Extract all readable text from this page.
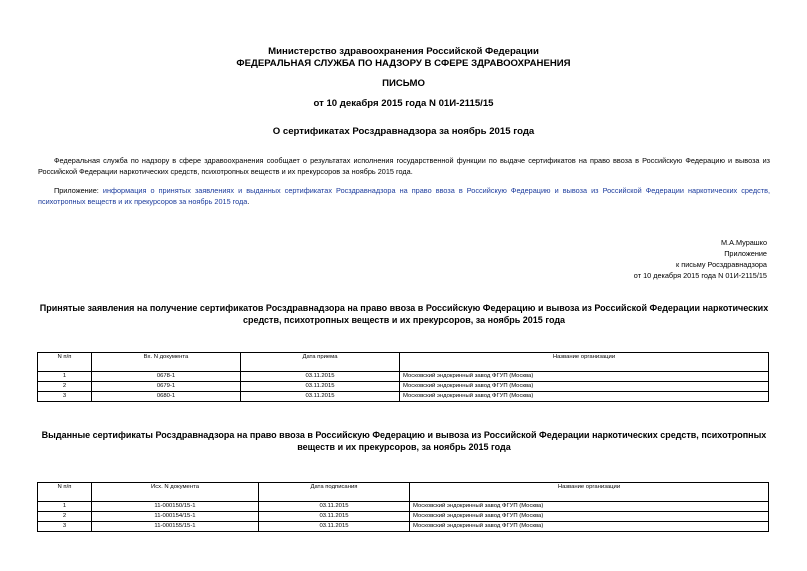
Министерство здравоохранения Российской Федерации
ФЕДЕРАЛЬНАЯ СЛУЖБА ПО НАДЗОРУ В СФЕРЕ ЗДРАВООХРАНЕНИЯ
ПИСЬМО
от 10 декабря 2015 года N 01И-2115/15
О сертификатах Росздравнадзора за ноябрь 2015 года
Федеральная служба по надзору в сфере здравоохранения сообщает о результатах исполнения государственной функции по выдаче сертификатов на право ввоза в Российскую Федерацию и вывоза из Российской Федерации наркотических средств, психотропных веществ и их прекурсоров за ноябрь 2015 года.
Приложение: информация о принятых заявлениях и выданных сертификатах Росздравнадзора на право ввоза в Российскую Федерацию и вывоза из Российской Федерации наркотических средств, психотропных веществ и их прекурсоров за ноябрь 2015 года.
М.А.Мурашко
Приложение
к письму Росздравнадзора
от 10 декабря 2015 года N 01И-2115/15
Принятые заявления на получение сертификатов Росздравнадзора на право ввоза в Российскую Федерацию и вывоза из Российской Федерации наркотических средств, психотропных веществ и их прекурсоров, за ноябрь 2015 года
N п/п	Вх. N документа	Дата приема	Название организации
1	0678-1	03.11.2015	Московский эндокринный завод ФГУП (Москва)
2	0679-1	03.11.2015	Московский эндокринный завод ФГУП (Москва)
3	0680-1	03.11.2015	Московский эндокринный завод ФГУП (Москва)
Выданные сертификаты Росздравнадзора на право ввоза в Российскую Федерацию и вывоза из Российской Федерации наркотических средств, психотропных веществ и их прекурсоров, за ноябрь 2015 года
N п/п	Исх. N документа	Дата подписания	Название организации
1	11-000150/15-1	03.11.2015	Московский эндокринный завод ФГУП (Москва)
2	11-000154/15-1	03.11.2015	Московский эндокринный завод ФГУП (Москва)
3	11-000155/15-1	03.11.2015	Московский эндокринный завод ФГУП (Москва)
